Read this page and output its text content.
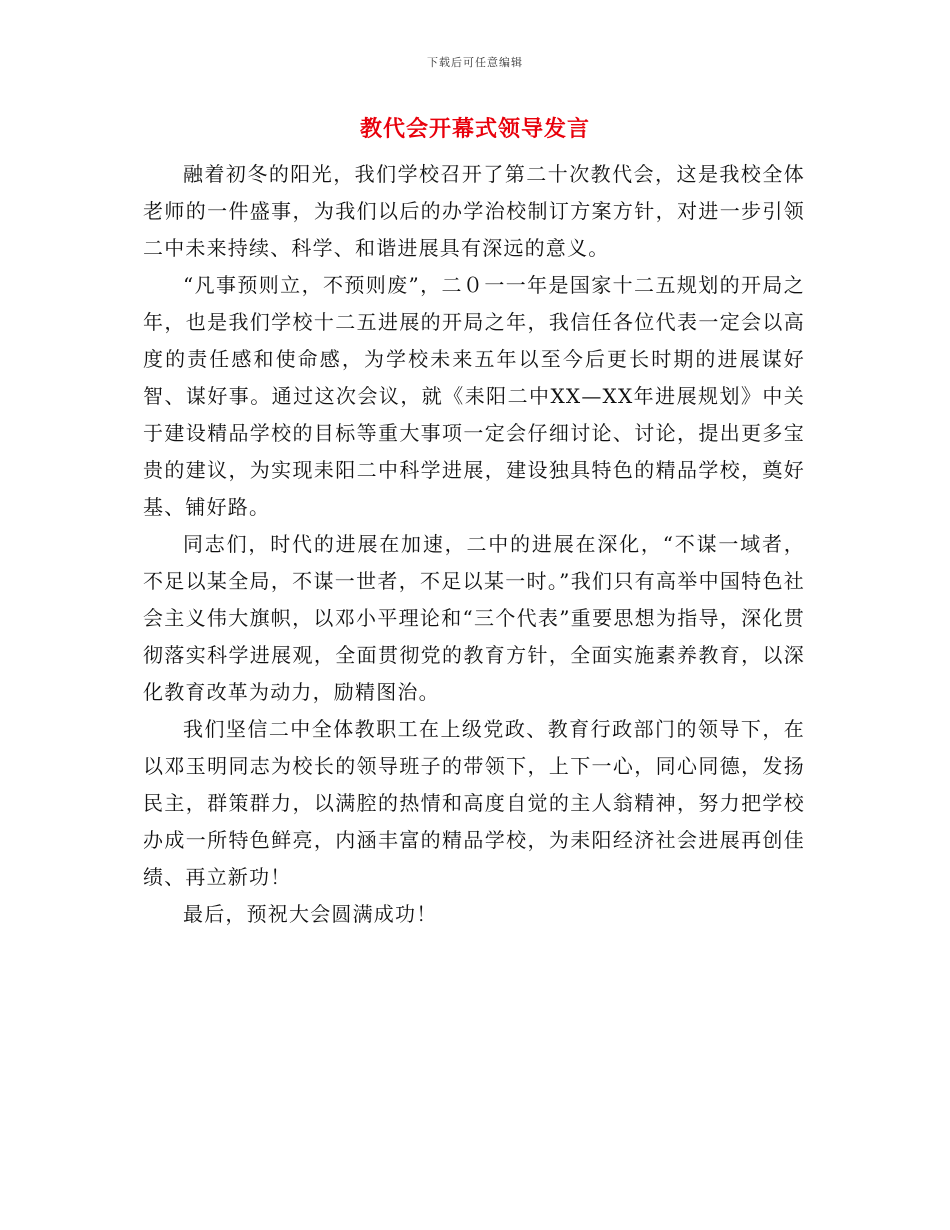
下载后可任意编辑
教代会开幕式领导发言

融着初冬的阳光，我们学校召开了第二十次教代会，这是我校全体老师的一件盛事，为我们以后的办学治校制订方案方针，对进一步引领二中未来持续、科学、和谐进展具有深远的意义。

“凡事预则立，不预则废”，二０一一年是国家十二五规划的开局之年，也是我们学校十二五进展的开局之年，我信任各位代表一定会以高度的责任感和使命感，为学校未来五年以至今后更长时期的进展谋好智、谋好事。通过这次会议，就《耒阳二中XX—XX年进展规划》中关于建设精品学校的目标等重大事项一定会仔细讨论、讨论，提出更多宝贵的建议，为实现耒阳二中科学进展，建设独具特色的精品学校，奠好基、铺好路。

同志们，时代的进展在加速，二中的进展在深化，“不谋一域者，不足以某全局，不谋一世者，不足以某一时。”我们只有高举中国特色社会主义伟大旗帜，以邓小平理论和“三个代表”重要思想为指导，深化贯彻落实科学进展观，全面贯彻党的教育方针，全面实施素养教育，以深化教育改革为动力，励精图治。

我们坚信二中全体教职工在上级党政、教育行政部门的领导下，在以邓玉明同志为校长的领导班子的带领下，上下一心，同心同德，发扬民主，群策群力，以满腔的热情和高度自觉的主人翁精神，努力把学校办成一所特色鲜亮，内涵丰富的精品学校，为耒阳经济社会进展再创佳绩、再立新功！

最后，预祝大会圆满成功！
